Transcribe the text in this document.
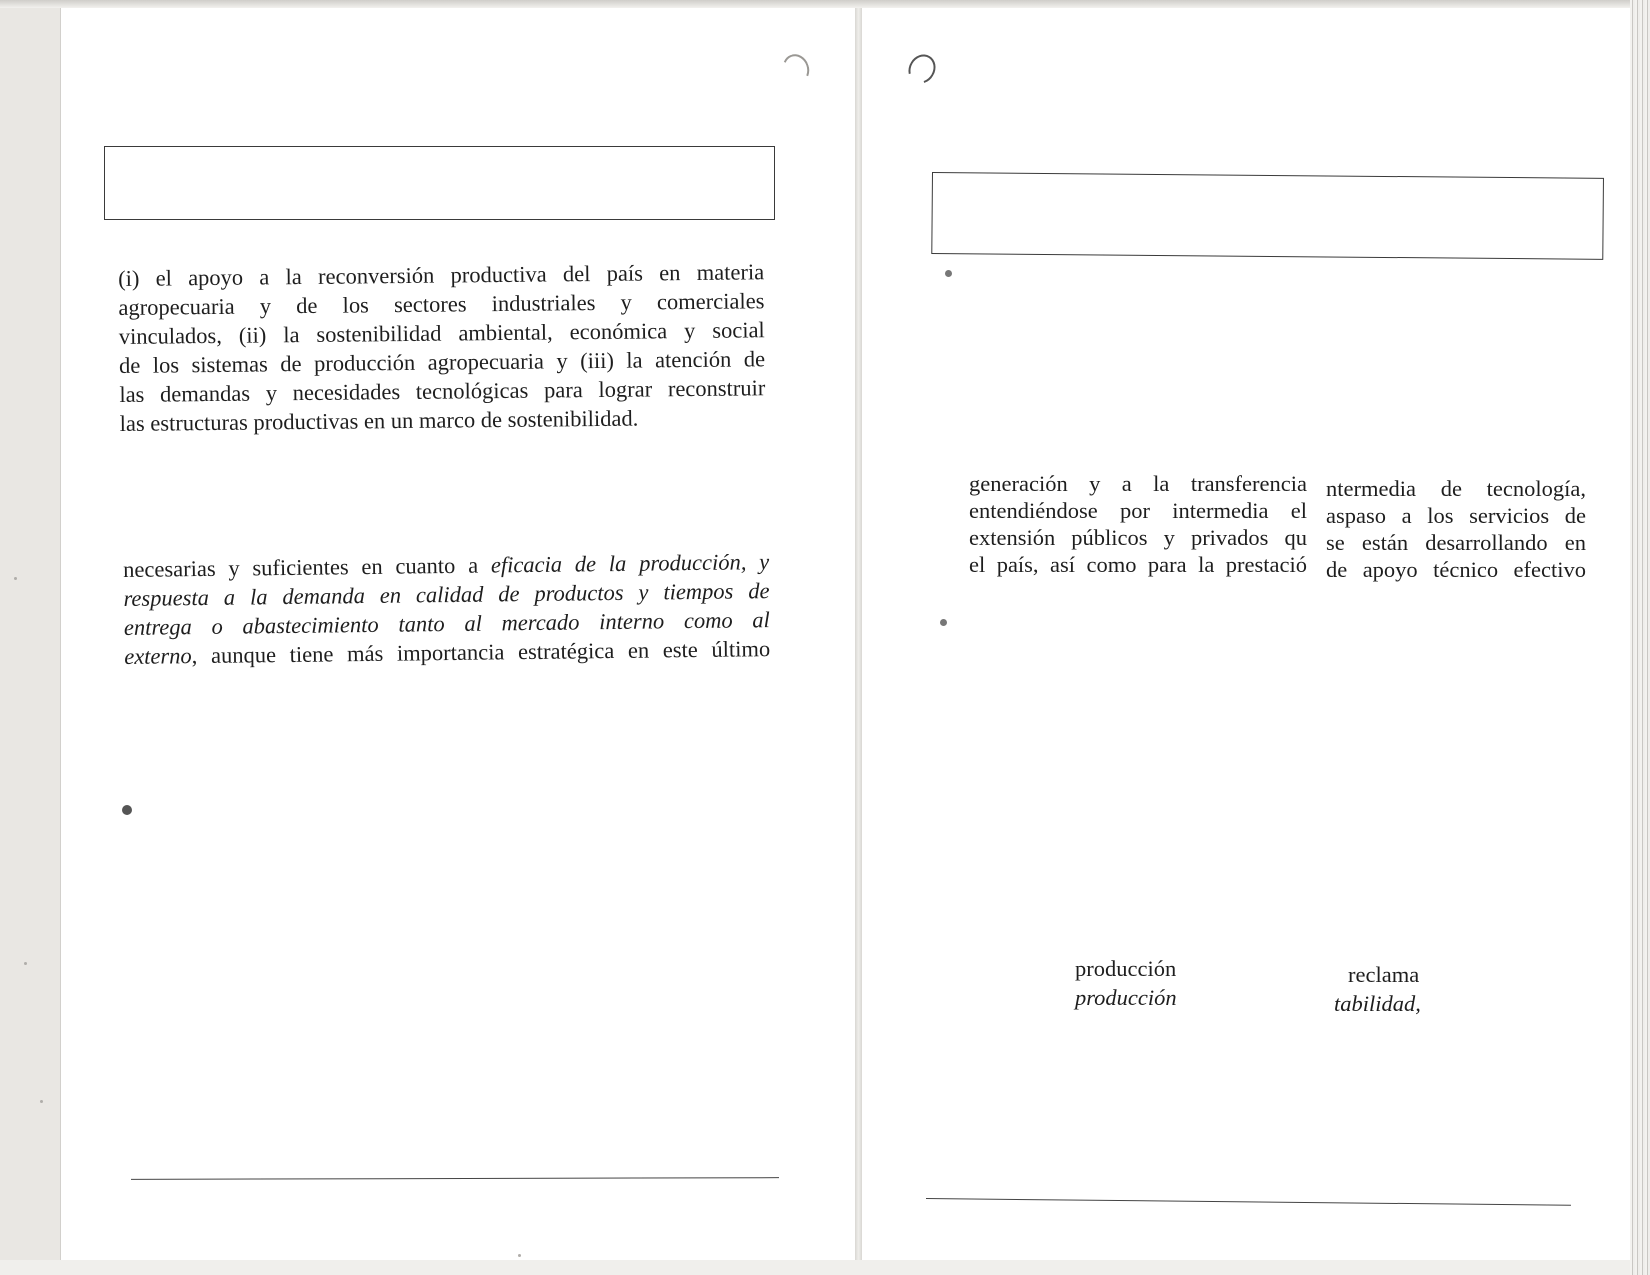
(i) el apoyo a la reconversión productiva del país en materia
agropecuaria y de los sectores industriales y comerciales
vinculados, (ii) la sostenibilidad ambiental, económica y social
de los sistemas de producción agropecuaria y (iii) la atención de
las demandas y necesidades tecnológicas para lograr reconstruir
las estructuras productivas en un marco de sostenibilidad.

necesarias y suficientes en cuanto a eficacia de la producción, y
respuesta a la demanda en calidad de productos y tiempos de
entrega o abastecimiento tanto al mercado interno como al
externo, aunque tiene más importancia estratégica en este último

generación y a la transferencia
entendiéndose por intermedia el
extensión públicos y privados qu
el país, así como para la prestació

ntermedia de tecnología,
aspaso a los servicios de
se están desarrollando en
de apoyo técnico efectivo

producción
producción
reclama
tabilidad,
